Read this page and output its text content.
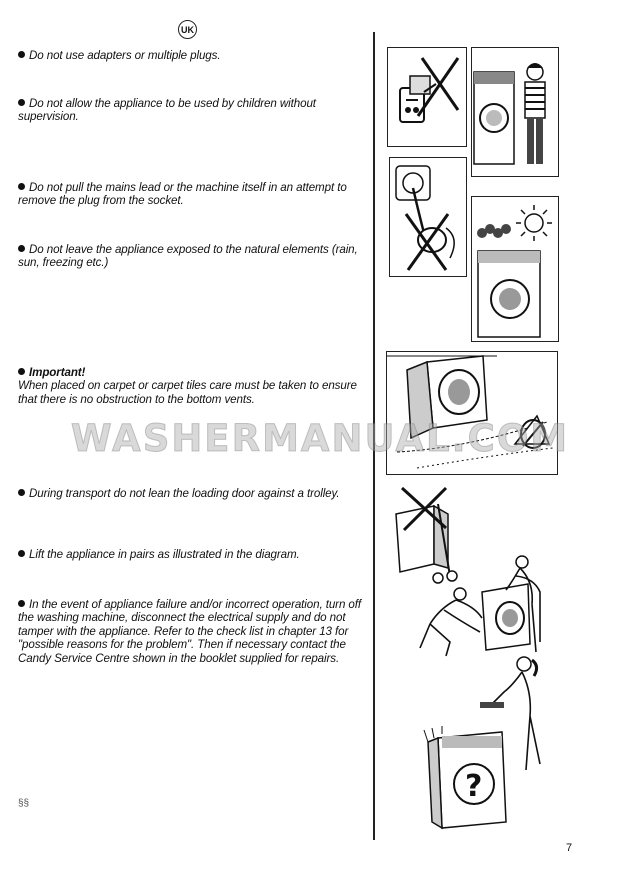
UK
Do not use adapters or multiple plugs.
Do not allow the appliance to be used by children without supervision.
Do not pull the mains lead or the machine itself in an attempt to remove the plug from the socket.
Do not leave the appliance exposed to the natural elements (rain, sun, freezing etc.)
Important!
When placed on carpet or carpet tiles care must be taken to ensure that there is no obstruction to the bottom vents.
During transport do not lean the loading door against a trolley.
Lift the appliance in pairs as illustrated in the diagram.
In the event of appliance failure and/or incorrect operation, turn off the washing machine, disconnect the electrical supply and do not tamper with the appliance. Refer to the check list in chapter 13 for "possible reasons for the problem". Then if necessary contact the Candy Service Centre shown in the booklet supplied for repairs.
WASHERMANUAL.COM
?
§§
7
